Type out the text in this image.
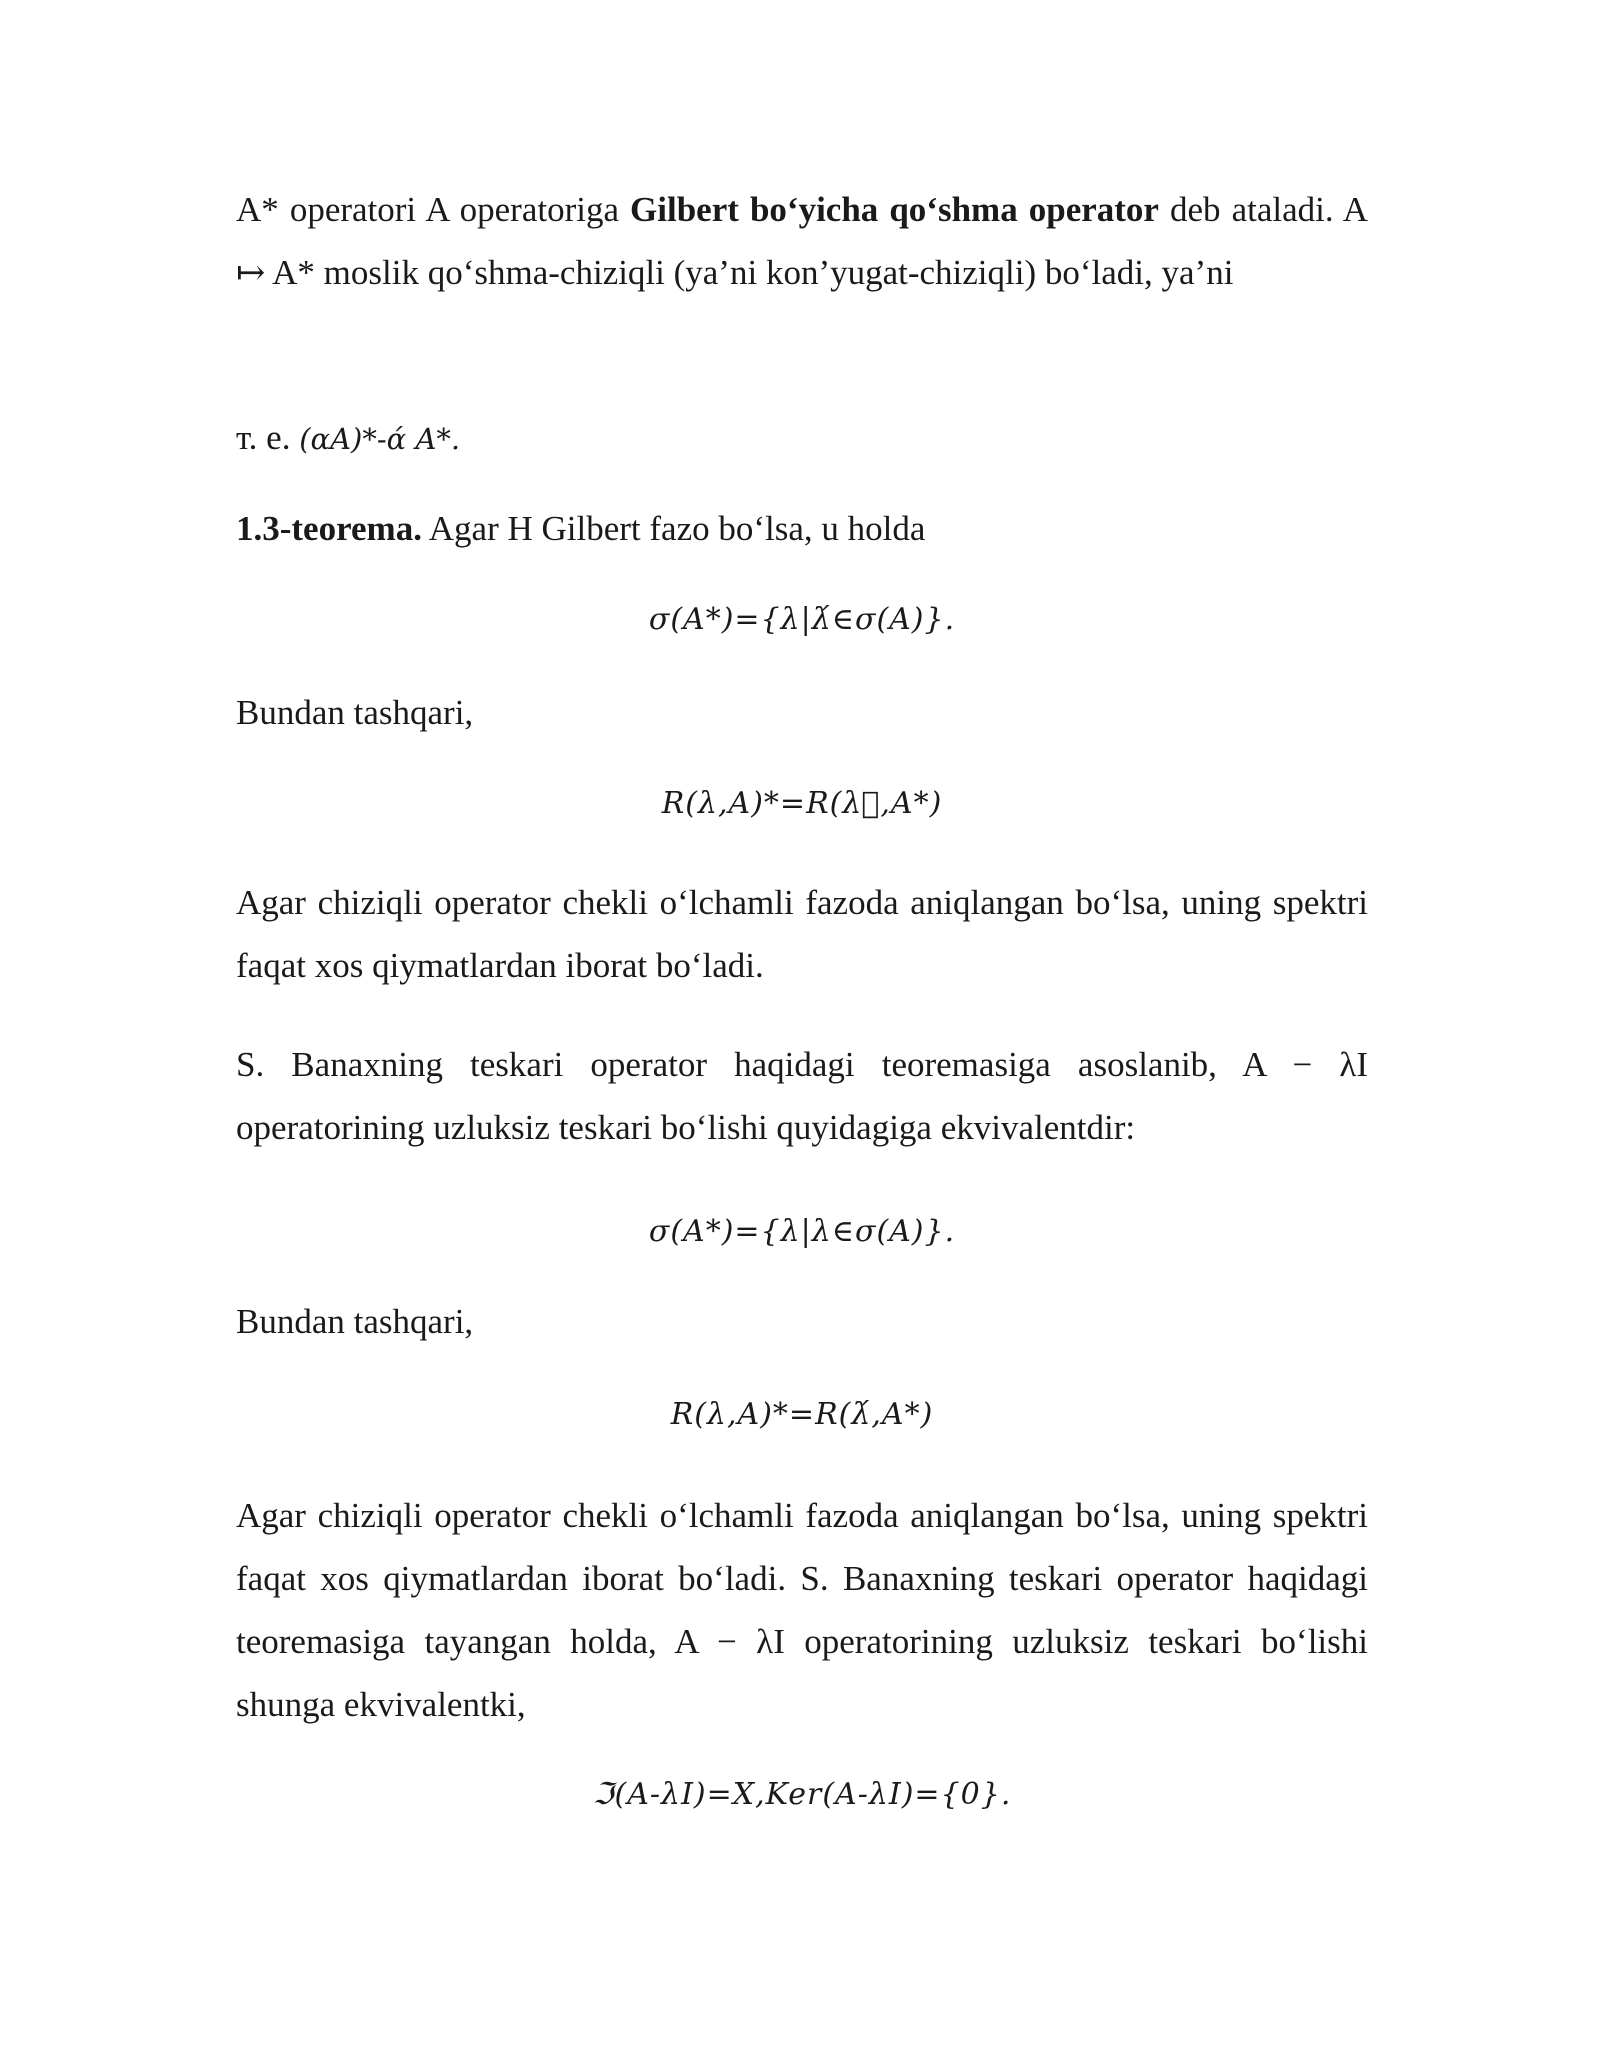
A* operatori A operatoriga Gilbert bo‘yicha qo‘shma operator deb ataladi. A ↦ A* moslik qo‘shma-chiziqli (ya’ni kon’yugat-chiziqli) bo‘ladi, ya’ni

т. е. (αA)*-ά A*.

1.3-teorema. Agar H Gilbert fazo bo‘lsa, u holda

σ(A*)={λ|λ́∈σ(A)}.

Bundan tashqari,

R(λ,A)*=R(λ⃗,A*)

Agar chiziqli operator chekli o‘lchamli fazoda aniqlangan bo‘lsa, uning spektri faqat xos qiymatlardan iborat bo‘ladi.

S. Banaxning teskari operator haqidagi teoremasiga asoslanib, A − λI operatorining uzluksiz teskari bo‘lishi quyidagiga ekvivalentdir:

σ(A*)={λ|λ∈σ(A)}.

Bundan tashqari,

R(λ,A)*=R(λ́,A*)

Agar chiziqli operator chekli o‘lchamli fazoda aniqlangan bo‘lsa, uning spektri faqat xos qiymatlardan iborat bo‘ladi. S. Banaxning teskari operator haqidagi teoremasiga tayangan holda, A − λI operatorining uzluksiz teskari bo‘lishi shunga ekvivalentki,

ℑ(A-λI)=X,Ker(A-λI)={0}.
